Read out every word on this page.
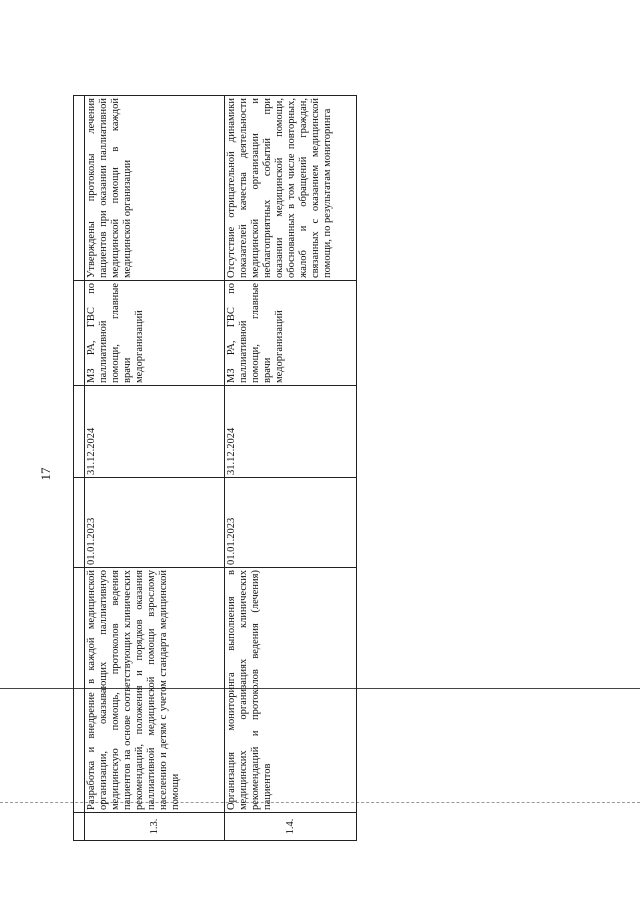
17

1.3.	Разработка и внедрение в каждой медицинской организации, оказывающих паллиативную медицинскую помощь, протоколов ведения пациентов на основе соответствующих клинических рекомендаций, положения и порядков оказания паллиативной медицинской помощи взрослому населению и детям с учетом стандарта медицинской помощи	01.01.2023	31.12.2024	МЗ РА, ГВС по паллиативной помощи, главные врачи медорганизаций	Утверждены протоколы лечения пациентов при оказании паллиативной медицинской помощи в каждой медицинской организации
1.4.	Организация мониторинга выполнения в медицинских организациях клинических рекомендаций и протоколов ведения (лечения) пациентов	01.01.2023	31.12.2024	МЗ РА, ГВС по паллиативной помощи, главные врачи медорганизаций	Отсутствие отрицательной динамики показателей качества деятельности медицинской организации и неблагоприятных событий при оказании медицинской помощи, обоснованных в том числе повторных, жалоб и обращений граждан, связанных с оказанием медицинской помощи, по результатам мониторинга
